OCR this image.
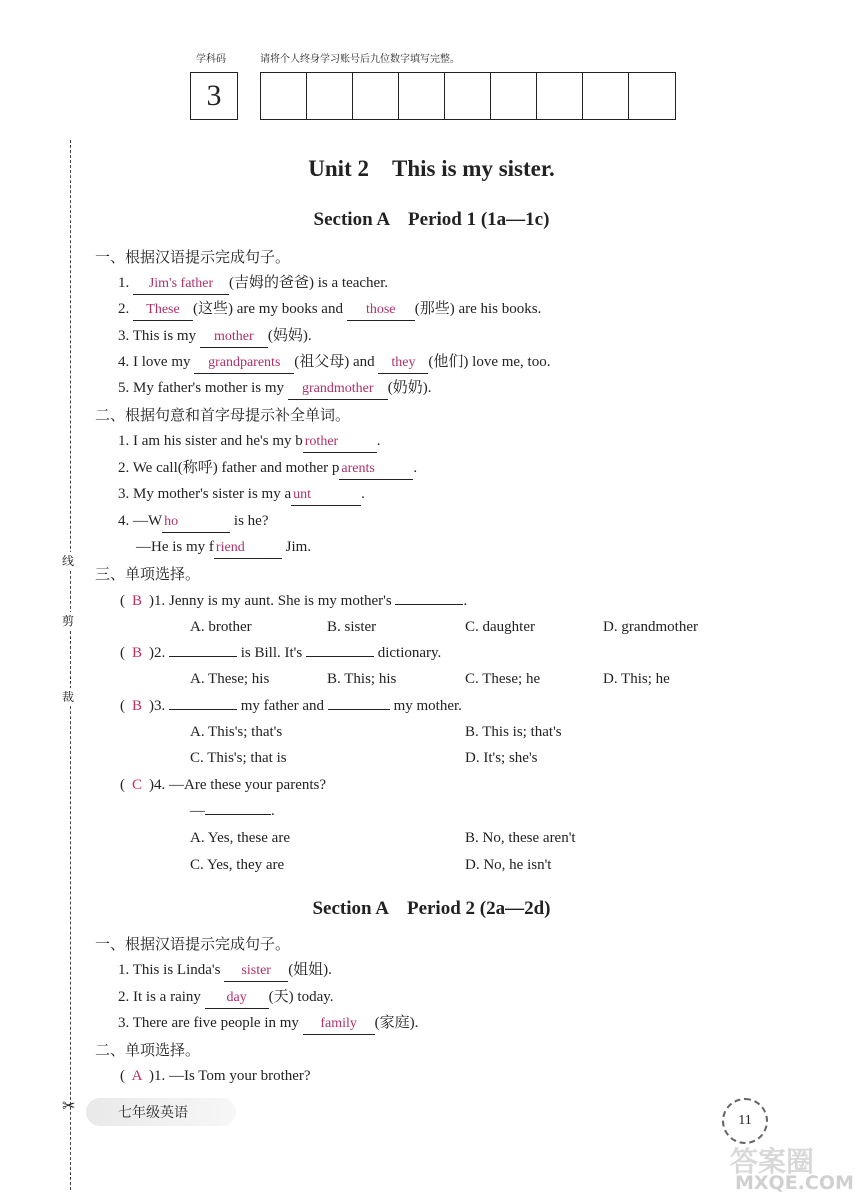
学科码	请将个人终身学习账号后九位数字填写完整。
3
线
剪
裁
✂
Unit 2　This is my sister.
Section A　Period 1 (1a—1c)
一、根据汉语提示完成句子。
1. Jim's father (吉姆的爸爸) is a teacher.
2. These (这些) are my books and those (那些) are his books.
3. This is my mother (妈妈).
4. I love my grandparents (祖父母) and they (他们) love me, too.
5. My father's mother is my grandmother (奶奶).
二、根据句意和首字母提示补全单词。
1. I am his sister and he's my b rother	.
2. We call(称呼) father and mother p arents	.
3. My mother's sister is my a unt	.
4. —W ho	is he?
—He is my f riend	Jim.
三、单项选择。
( B )1. Jenny is my aunt. She is my mother's	.
A. brother	B. sister	C. daughter	D. grandmother
( B )2.	is Bill. It's	dictionary.
A. These; his	B. This; his	C. These; he	D. This; he
( B )3.	my father and	my mother.
A. This's; that's	B. This is; that's
C. This's; that is	D. It's; she's
( C )4. —Are these your parents?
—	.
A. Yes, these are	B. No, these aren't
C. Yes, they are	D. No, he isn't
Section A　Period 2 (2a—2d)
一、根据汉语提示完成句子。
1. This is Linda's sister (姐姐).
2. It is a rainy day (天) today.
3. There are five people in my family (家庭).
二、单项选择。
( A )1. —Is Tom your brother?
七年级英语	11
答案圈
MXQE.COM
